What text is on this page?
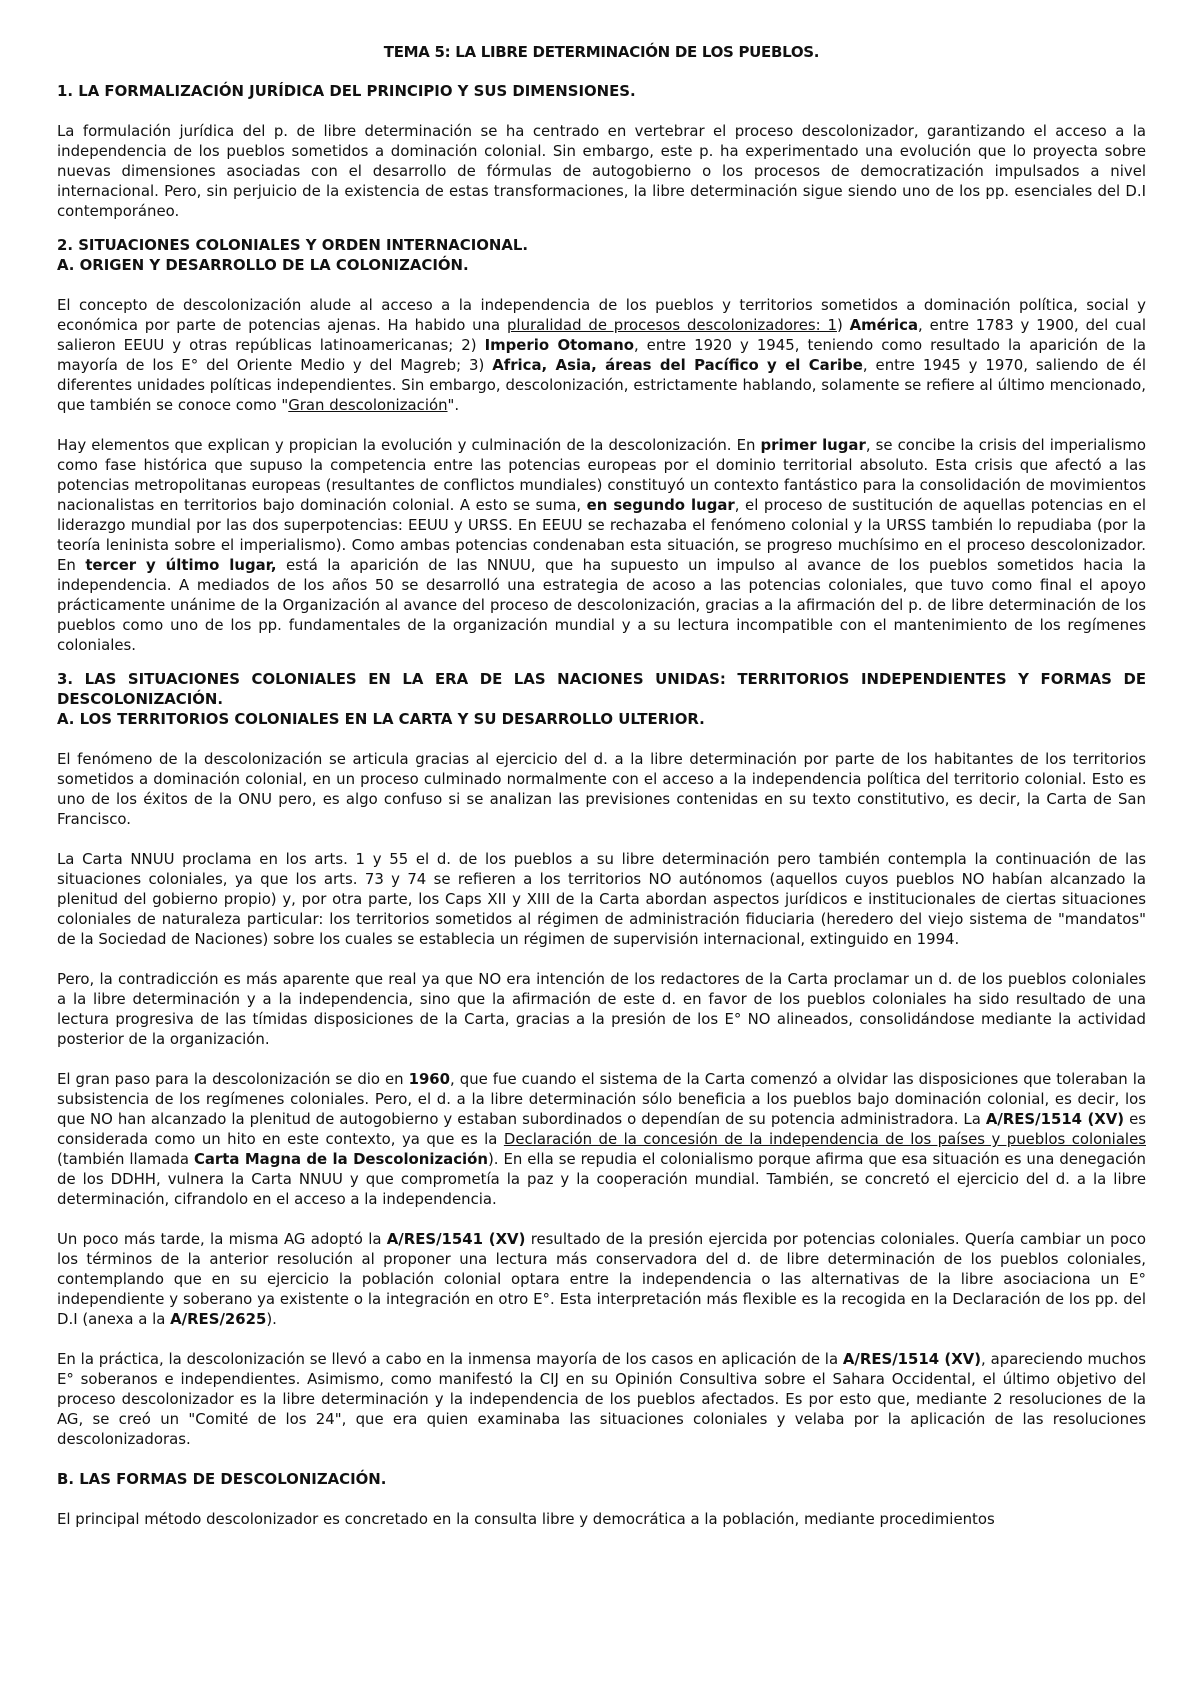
TEMA 5: LA LIBRE DETERMINACIÓN DE LOS PUEBLOS.
1. LA FORMALIZACIÓN JURÍDICA DEL PRINCIPIO Y SUS DIMENSIONES.

La formulación jurídica del p. de libre determinación se ha centrado en vertebrar el proceso descolonizador, garantizando el acceso a la independencia de los pueblos sometidos a dominación colonial. Sin embargo, este p. ha experimentado una evolución que lo proyecta sobre nuevas dimensiones asociadas con el desarrollo de fórmulas de autogobierno o los procesos de democratización impulsados a nivel internacional. Pero, sin perjuicio de la existencia de estas transformaciones, la libre determinación sigue siendo uno de los pp. esenciales del D.I contemporáneo.

2. SITUACIONES COLONIALES Y ORDEN INTERNACIONAL.
A. ORIGEN Y DESARROLLO DE LA COLONIZACIÓN.

El concepto de descolonización alude al acceso a la independencia de los pueblos y territorios sometidos a dominación política, social y económica por parte de potencias ajenas. Ha habido una pluralidad de procesos descolonizadores: 1) América, entre 1783 y 1900, del cual salieron EEUU y otras repúblicas latinoamericanas; 2) Imperio Otomano, entre 1920 y 1945, teniendo como resultado la aparición de la mayoría de los E° del Oriente Medio y del Magreb; 3) Africa, Asia, áreas del Pacífico y el Caribe, entre 1945 y 1970, saliendo de él diferentes unidades políticas independientes. Sin embargo, descolonización, estrictamente hablando, solamente se refiere al último mencionado, que también se conoce como "Gran descolonización".

Hay elementos que explican y propician la evolución y culminación de la descolonización. En primer lugar, se concibe la crisis del imperialismo como fase histórica que supuso la competencia entre las potencias europeas por el dominio territorial absoluto. Esta crisis que afectó a las potencias metropolitanas europeas (resultantes de conflictos mundiales) constituyó un contexto fantástico para la consolidación de movimientos nacionalistas en territorios bajo dominación colonial. A esto se suma, en segundo lugar, el proceso de sustitución de aquellas potencias en el liderazgo mundial por las dos superpotencias: EEUU y URSS. En EEUU se rechazaba el fenómeno colonial y la URSS también lo repudiaba (por la teoría leninista sobre el imperialismo). Como ambas potencias condenaban esta situación, se progreso muchísimo en el proceso descolonizador. En tercer y último lugar, está la aparición de las NNUU, que ha supuesto un impulso al avance de los pueblos sometidos hacia la independencia. A mediados de los años 50 se desarrolló una estrategia de acoso a las potencias coloniales, que tuvo como final el apoyo prácticamente unánime de la Organización al avance del proceso de descolonización, gracias a la afirmación del p. de libre determinación de los pueblos como uno de los pp. fundamentales de la organización mundial y a su lectura incompatible con el mantenimiento de los regímenes coloniales.

3. LAS SITUACIONES COLONIALES EN LA ERA DE LAS NACIONES UNIDAS: TERRITORIOS INDEPENDIENTES Y FORMAS DE DESCOLONIZACIÓN.
A. LOS TERRITORIOS COLONIALES EN LA CARTA Y SU DESARROLLO ULTERIOR.

El fenómeno de la descolonización se articula gracias al ejercicio del d. a la libre determinación por parte de los habitantes de los territorios sometidos a dominación colonial, en un proceso culminado normalmente con el acceso a la independencia política del territorio colonial. Esto es uno de los éxitos de la ONU pero, es algo confuso si se analizan las previsiones contenidas en su texto constitutivo, es decir, la Carta de San Francisco.

La Carta NNUU proclama en los arts. 1 y 55 el d. de los pueblos a su libre determinación pero también contempla la continuación de las situaciones coloniales, ya que los arts. 73 y 74 se refieren a los territorios NO autónomos (aquellos cuyos pueblos NO habían alcanzado la plenitud del gobierno propio) y, por otra parte, los Caps XII y XIII de la Carta abordan aspectos jurídicos e institucionales de ciertas situaciones coloniales de naturaleza particular: los territorios sometidos al régimen de administración fiduciaria (heredero del viejo sistema de "mandatos" de la Sociedad de Naciones) sobre los cuales se establecia un régimen de supervisión internacional, extinguido en 1994.

Pero, la contradicción es más aparente que real ya que NO era intención de los redactores de la Carta proclamar un d. de los pueblos coloniales a la libre determinación y a la independencia, sino que la afirmación de este d. en favor de los pueblos coloniales ha sido resultado de una lectura progresiva de las tímidas disposiciones de la Carta, gracias a la presión de los E° NO alineados, consolidándose mediante la actividad posterior de la organización.

El gran paso para la descolonización se dio en 1960, que fue cuando el sistema de la Carta comenzó a olvidar las disposiciones que toleraban la subsistencia de los regímenes coloniales. Pero, el d. a la libre determinación sólo beneficia a los pueblos bajo dominación colonial, es decir, los que NO han alcanzado la plenitud de autogobierno y estaban subordinados o dependían de su potencia administradora. La A/RES/1514 (XV) es considerada como un hito en este contexto, ya que es la Declaración de la concesión de la independencia de los países y pueblos coloniales (también llamada Carta Magna de la Descolonización). En ella se repudia el colonialismo porque afirma que esa situación es una denegación de los DDHH, vulnera la Carta NNUU y que comprometía la paz y la cooperación mundial. También, se concretó el ejercicio del d. a la libre determinación, cifrandolo en el acceso a la independencia.

Un poco más tarde, la misma AG adoptó la A/RES/1541 (XV) resultado de la presión ejercida por potencias coloniales. Quería cambiar un poco los términos de la anterior resolución al proponer una lectura más conservadora del d. de libre determinación de los pueblos coloniales, contemplando que en su ejercicio la población colonial optara entre la independencia o las alternativas de la libre asociaciona un E° independiente y soberano ya existente o la integración en otro E°. Esta interpretación más flexible es la recogida en la Declaración de los pp. del D.I (anexa a la A/RES/2625).

En la práctica, la descolonización se llevó a cabo en la inmensa mayoría de los casos en aplicación de la A/RES/1514 (XV), apareciendo muchos E° soberanos e independientes. Asimismo, como manifestó la CIJ en su Opinión Consultiva sobre el Sahara Occidental, el último objetivo del proceso descolonizador es la libre determinación y la independencia de los pueblos afectados. Es por esto que, mediante 2 resoluciones de la AG, se creó un "Comité de los 24", que era quien examinaba las situaciones coloniales y velaba por la aplicación de las resoluciones descolonizadoras.

B. LAS FORMAS DE DESCOLONIZACIÓN.

El principal método descolonizador es concretado en la consulta libre y democrática a la población, mediante procedimientos
